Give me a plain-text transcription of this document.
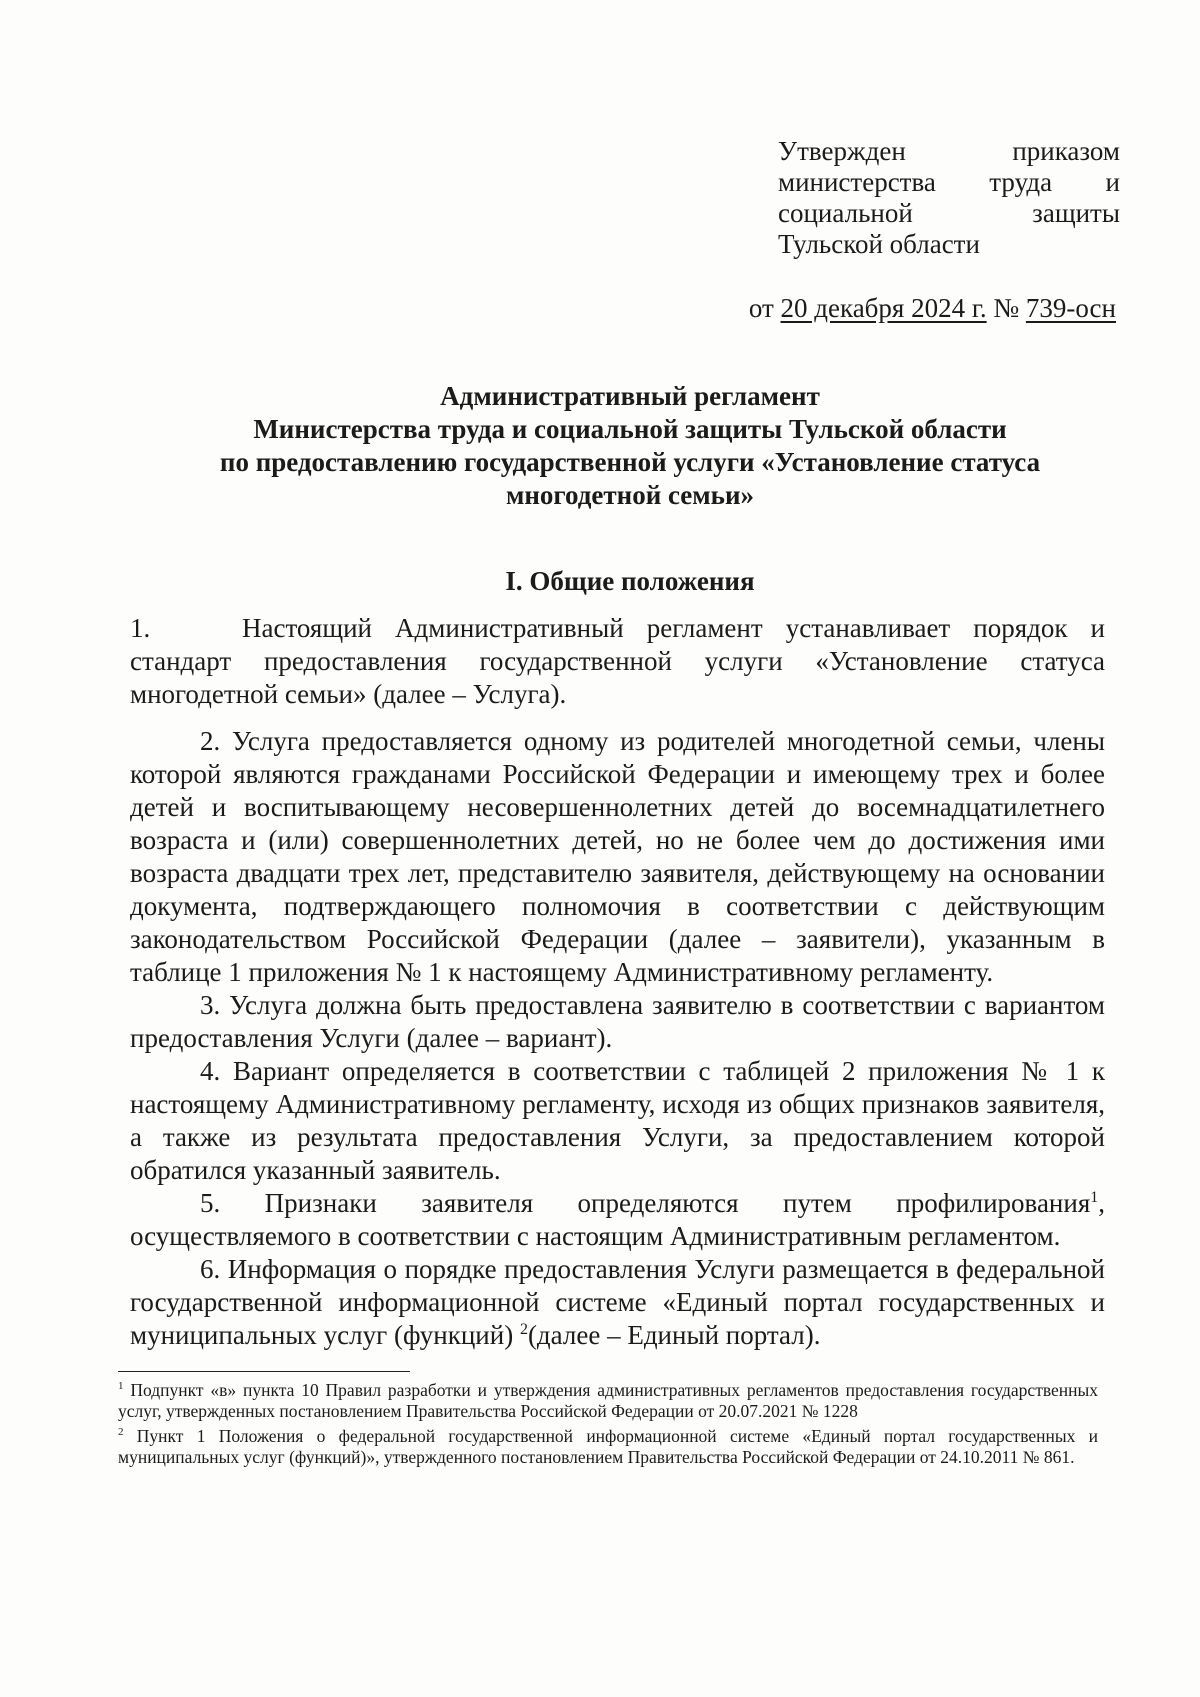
Утвержден приказом
министерства труда и
социальной защиты
Тульской области
от 20 декабря 2024 г. № 739-осн
Административный регламент
Министерства труда и социальной защиты Тульской области
по предоставлению государственной услуги «Установление статуса
многодетной семьи»
I. Общие положения

1.	Настоящий Административный регламент устанавливает порядок и стандарт предоставления государственной услуги «Установление статуса многодетной семьи» (далее – Услуга).

2. Услуга предоставляется одному из родителей многодетной семьи, члены которой являются гражданами Российской Федерации и имеющему трех и более детей и воспитывающему несовершеннолетних детей до восемнадцатилетнего возраста и (или) совершеннолетних детей, но не более чем до достижения ими возраста двадцати трех лет, представителю заявителя, действующему на основании документа, подтверждающего полномочия в соответствии с действующим законодательством Российской Федерации (далее – заявители), указанным в таблице 1 приложения № 1 к настоящему Административному регламенту.

3. Услуга должна быть предоставлена заявителю в соответствии с вариантом предоставления Услуги (далее – вариант).

4. Вариант определяется в соответствии с таблицей 2 приложения № 1 к настоящему Административному регламенту, исходя из общих признаков заявителя, а также из результата предоставления Услуги, за предоставлением которой обратился указанный заявитель.

5. Признаки заявителя определяются путем профилирования$^1$, осуществляемого в соответствии с настоящим Административным регламентом.

6. Информация о порядке предоставления Услуги размещается в федеральной государственной информационной системе «Единый портал государственных и муниципальных услуг (функций) $^2$(далее – Единый портал).

$^1$ Подпункт «в» пункта 10 Правил разработки и утверждения административных регламентов предоставления государственных услуг, утвержденных постановлением Правительства Российской Федерации от 20.07.2021 № 1228

$^2$ Пункт 1 Положения о федеральной государственной информационной системе «Единый портал государственных и муниципальных услуг (функций)», утвержденного постановлением Правительства Российской Федерации от 24.10.2011 № 861.
